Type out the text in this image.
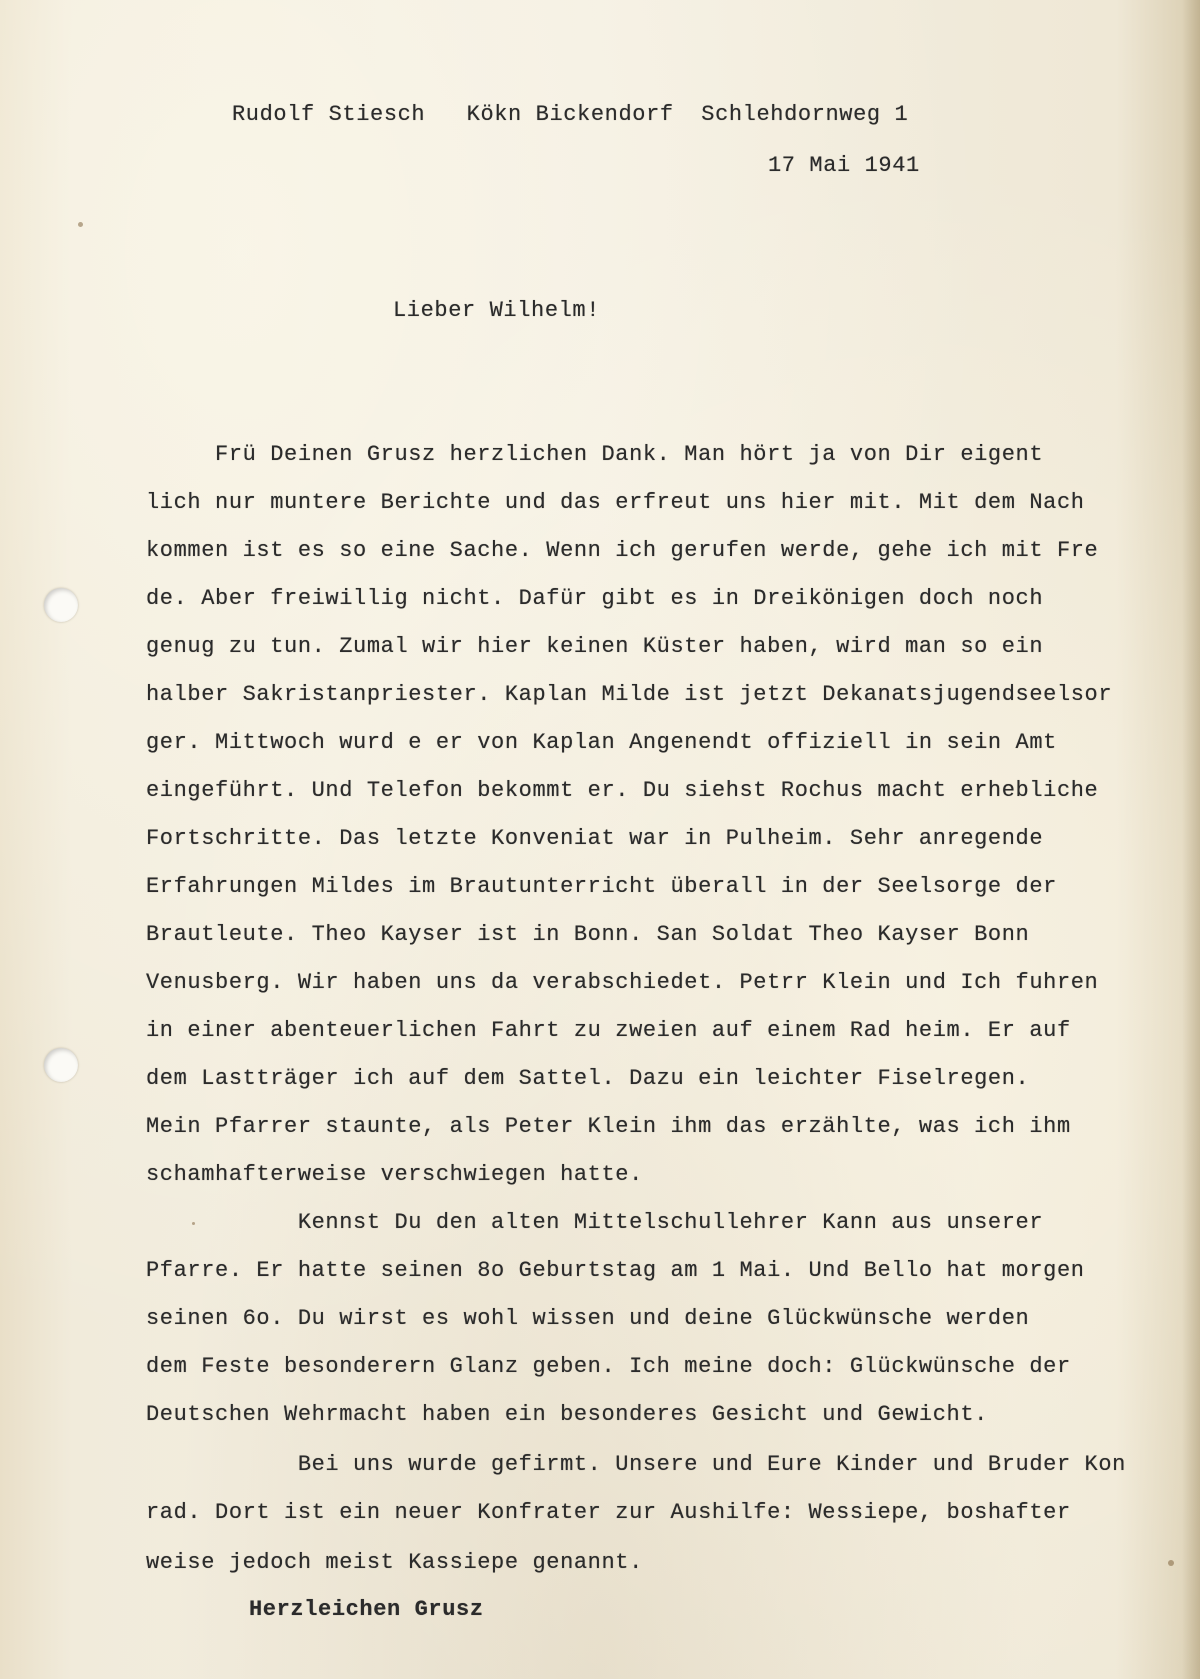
Rudolf Stiesch   Kökn Bickendorf  Schlehdornweg 1
17 Mai 1941
Lieber Wilhelm!
Frü Deinen Grusz herzlichen Dank. Man hört ja von Dir eigent
lich nur muntere Berichte und das erfreut uns hier mit. Mit dem Nach
kommen ist es so eine Sache. Wenn ich gerufen werde, gehe ich mit Fre
de. Aber freiwillig nicht. Dafür gibt es in Dreikönigen doch noch
genug zu tun. Zumal wir hier keinen Küster haben, wird man so ein
halber Sakristanpriester. Kaplan Milde ist jetzt Dekanatsjugendseelsor
ger. Mittwoch wurd e er von Kaplan Angenendt offiziell in sein Amt
eingeführt. Und Telefon bekommt er. Du siehst Rochus macht erhebliche
Fortschritte. Das letzte Konveniat war in Pulheim. Sehr anregende
Erfahrungen Mildes im Brautunterricht überall in der Seelsorge der
Brautleute. Theo Kayser ist in Bonn. San Soldat Theo Kayser Bonn
Venusberg. Wir haben uns da verabschiedet. Petrr Klein und Ich fuhren
in einer abenteuerlichen Fahrt zu zweien auf einem Rad heim. Er auf
dem Lastträger ich auf dem Sattel. Dazu ein leichter Fiselregen.
Mein Pfarrer staunte, als Peter Klein ihm das erzählte, was ich ihm
schamhafterweise verschwiegen hatte.
Kennst Du den alten Mittelschullehrer Kann aus unserer
Pfarre. Er hatte seinen 8o Geburtstag am 1 Mai. Und Bello hat morgen
seinen 6o. Du wirst es wohl wissen und deine Glückwünsche werden
dem Feste besonderern Glanz geben. Ich meine doch: Glückwünsche der
Deutschen Wehrmacht haben ein besonderes Gesicht und Gewicht.
Bei uns wurde gefirmt. Unsere und Eure Kinder und Bruder Kon
rad. Dort ist ein neuer Konfrater zur Aushilfe: Wessiepe, boshafter
weise jedoch meist Kassiepe genannt.
Herzleichen Grusz
